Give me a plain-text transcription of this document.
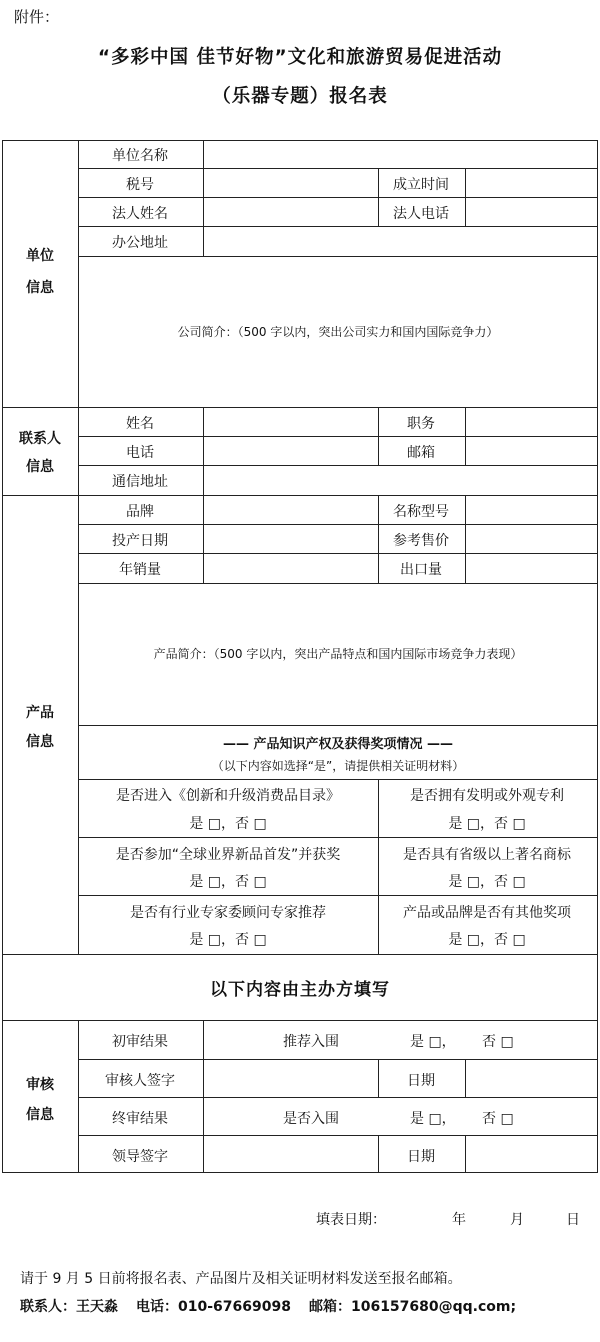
附件：
“多彩中国 佳节好物”文化和旅游贸易促进活动
（乐器专题）报名表
单位
信息
单位名称
税号	成立时间
法人姓名	法人电话
办公地址
公司简介：（500 字以内，突出公司实力和国内国际竞争力）
联系人
信息
姓名	职务
电话	邮箱
通信地址
产品
信息
品牌	名称型号
投产日期	参考售价
年销量	出口量
产品简介：（500 字以内，突出产品特点和国内国际市场竞争力表现）
—— 产品知识产权及获得奖项情况 ——
（以下内容如选择“是”，请提供相关证明材料）
是否进入《创新和升级消费品目录》
是 □，否 □
是否拥有发明或外观专利
是 □，否 □
是否参加“全球业界新品首发”并获奖
是 □，否 □
是否具有省级以上著名商标
是 □，否 □
是否有行业专家委顾问专家推荐
是 □，否 □
产品或品牌是否有其他奖项
是 □，否 □
以下内容由主办方填写
审核
信息
初审结果	推荐入围	是 □， 否 □
审核人签字	日期
终审结果	是否入围	是 □， 否 □
领导签字	日期
填表日期：	年	月	日
请于 9 月 5 日前将报名表、产品图片及相关证明材料发送至报名邮箱。
联系人：王天淼 电话：010-67669098 邮箱：106157680@qq.com;
